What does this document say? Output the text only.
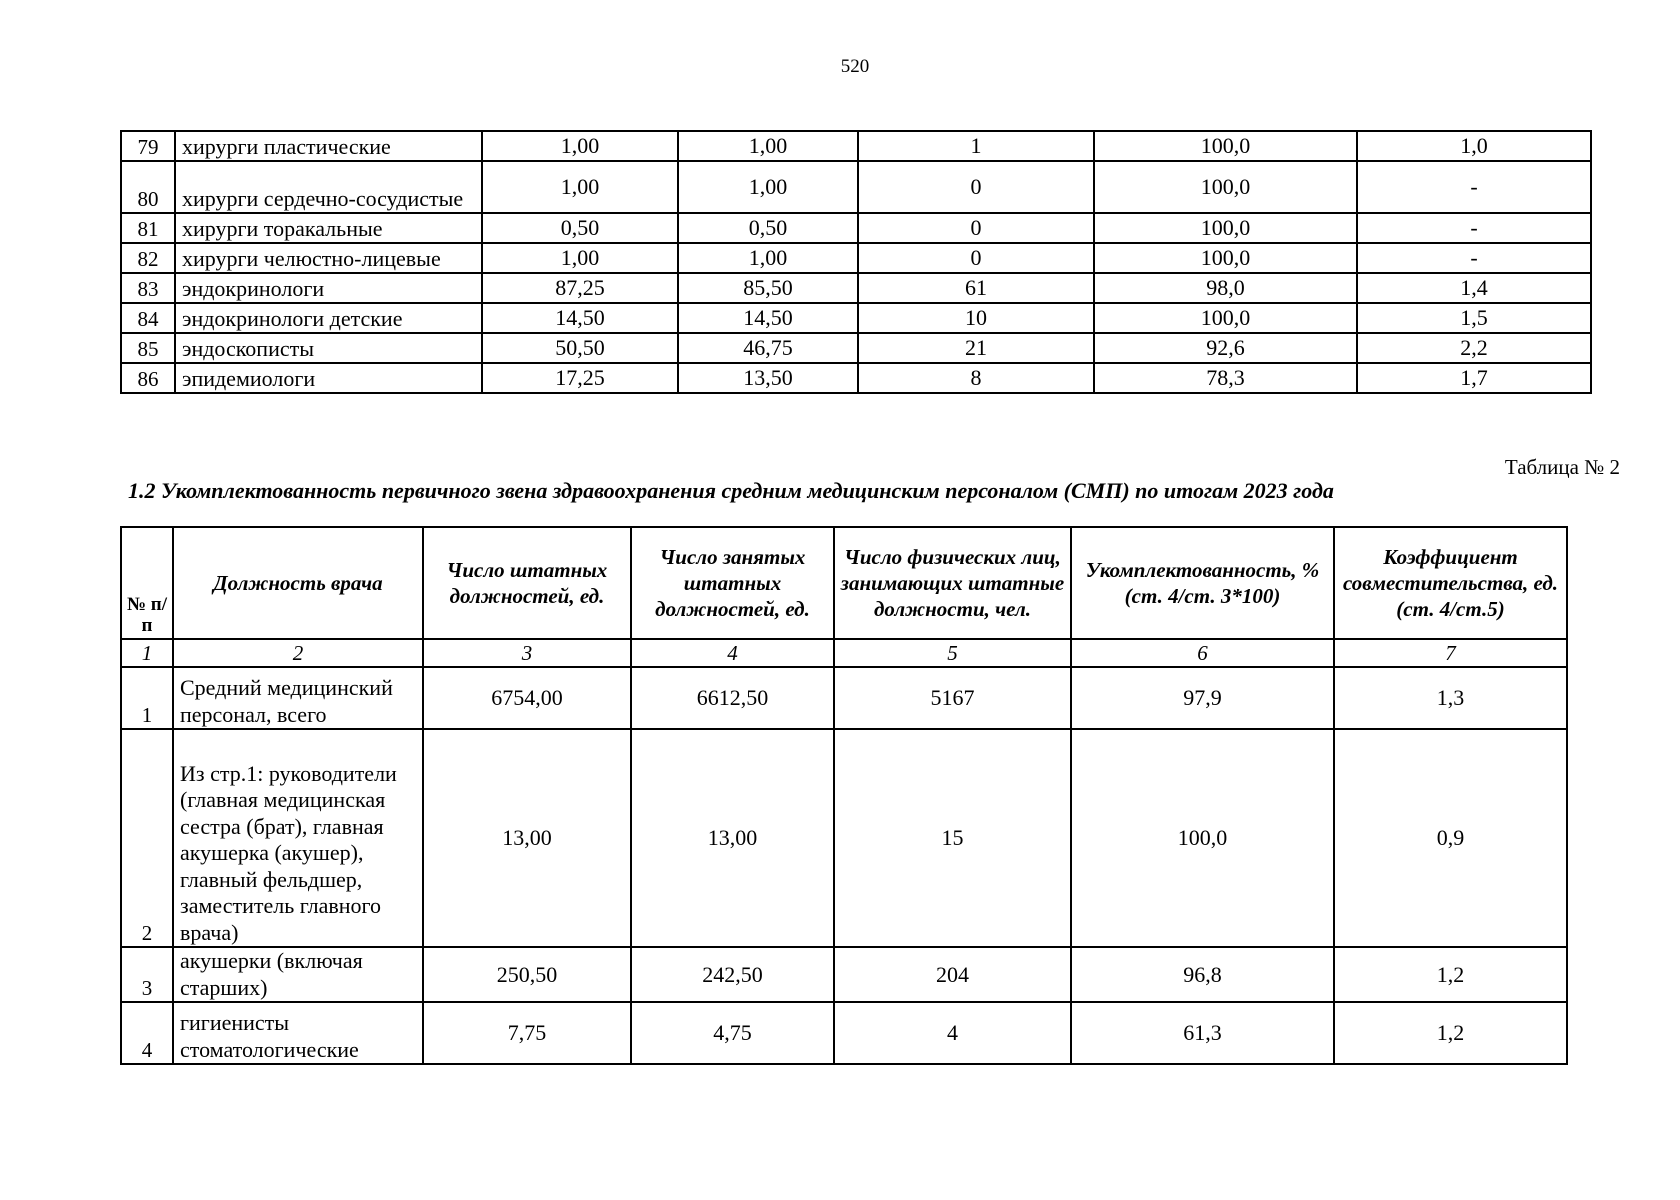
520
79	хирурги пластические	1,00	1,00	1	100,0	1,0
80	хирурги сердечно-сосудистые	1,00	1,00	0	100,0	-
81	хирурги торакальные	0,50	0,50	0	100,0	-
82	хирурги челюстно-лицевые	1,00	1,00	0	100,0	-
83	эндокринологи	87,25	85,50	61	98,0	1,4
84	эндокринологи детские	14,50	14,50	10	100,0	1,5
85	эндоскописты	50,50	46,75	21	92,6	2,2
86	эпидемиологи	17,25	13,50	8	78,3	1,7
Таблица № 2
1.2 Укомплектованность первичного звена здравоохранения средним медицинским персоналом (СМП) по итогам 2023 года
№ п/п	Должность врача	Число штатных должностей, ед.	Число занятых штатных должностей, ед.	Число физических лиц, занимающих штатные должности, чел.	Укомплектованность, % (ст. 4/ст. 3*100)	Коэффициент совместительства, ед. (ст. 4/ст.5)
1	2	3	4	5	6	7
1	Средний медицинский персонал, всего	6754,00	6612,50	5167	97,9	1,3
2	Из стр.1: руководители (главная медицинская сестра (брат), главная акушерка (акушер), главный фельдшер, заместитель главного врача)	13,00	13,00	15	100,0	0,9
3	акушерки (включая старших)	250,50	242,50	204	96,8	1,2
4	гигиенисты стоматологические	7,75	4,75	4	61,3	1,2
